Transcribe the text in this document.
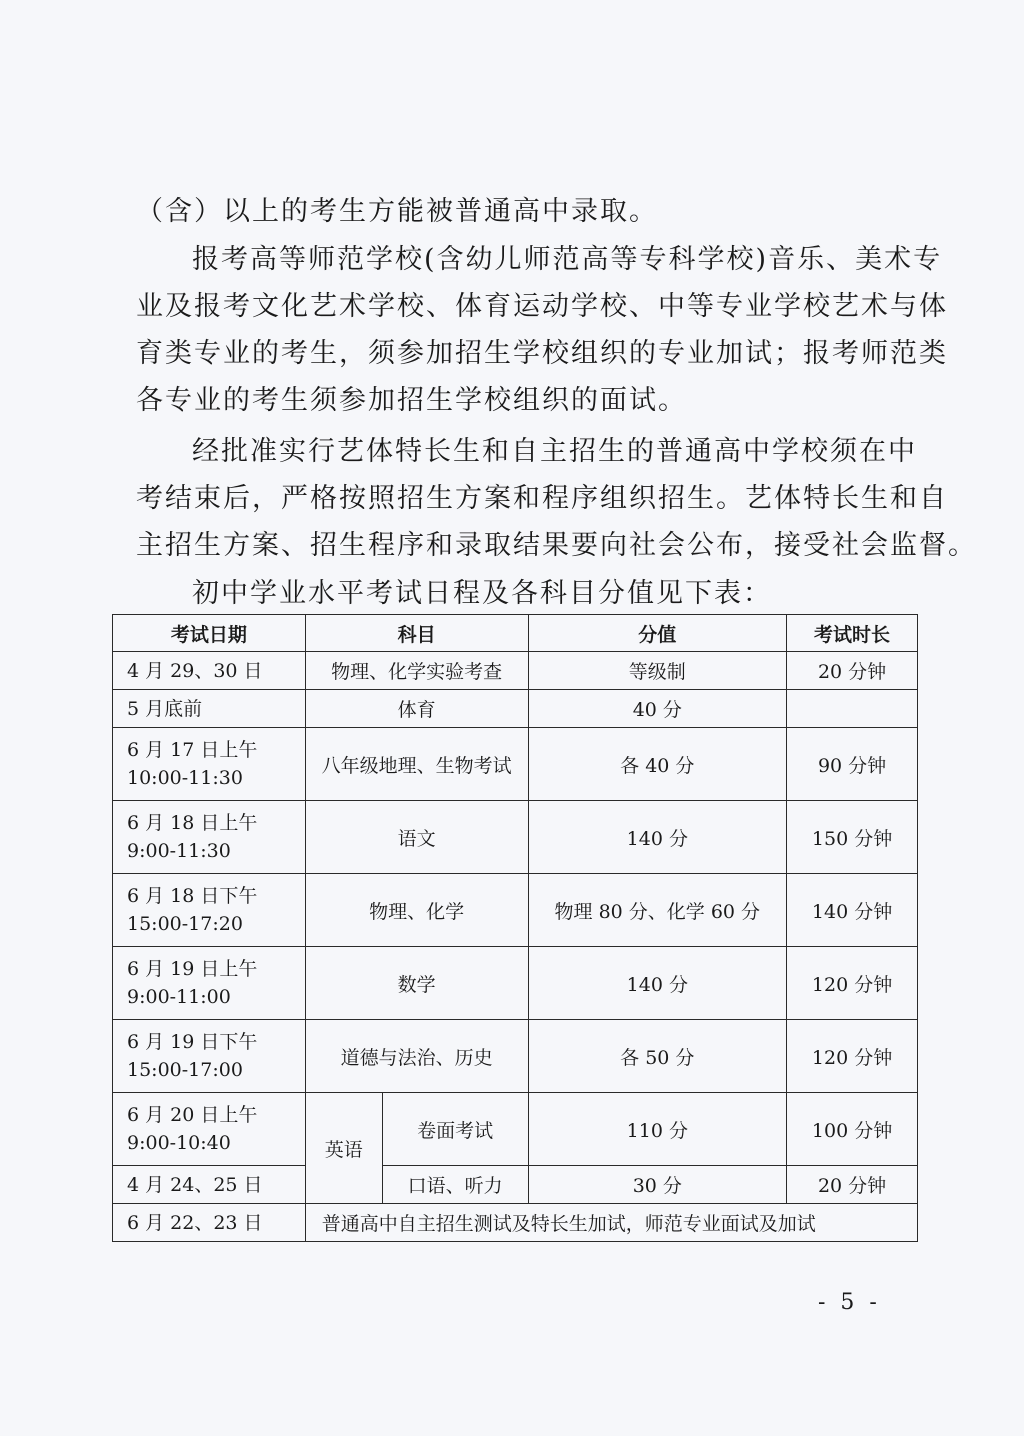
（含）以上的考生方能被普通高中录取。

报考高等师范学校(含幼儿师范高等专科学校)音乐、美术专
业及报考文化艺术学校、体育运动学校、中等专业学校艺术与体
育类专业的考生，须参加招生学校组织的专业加试；报考师范类
各专业的考生须参加招生学校组织的面试。

经批准实行艺体特长生和自主招生的普通高中学校须在中
考结束后，严格按照招生方案和程序组织招生。艺体特长生和自
主招生方案、招生程序和录取结果要向社会公布，接受社会监督。

初中学业水平考试日程及各科目分值见下表：

考试日期	科目		分值	考试时长
4 月 29、30 日	物理、化学实验考查		等级制	20 分钟
5 月底前	体育		40 分	

6 月 17 日上午
10:00-11:30	八年级地理、生物考试		各 40 分	90 分钟

6 月 18 日上午
9:00-11:30	语文		140 分	150 分钟

6 月 18 日下午
15:00-17:20	物理、化学		物理 80 分、化学 60 分	140 分钟

6 月 19 日上午
9:00-11:00	数学		140 分	120 分钟

6 月 19 日下午
15:00-17:00	道德与法治、历史		各 50 分	120 分钟

6 月 20 日上午
9:00-10:40	英语	卷面考试	110 分	100 分钟
4 月 24、25 日		口语、听力	30 分	20 分钟
6 月 22、23 日	普通高中自主招生测试及特长生加试，师范专业面试及加试			
- 5 -
